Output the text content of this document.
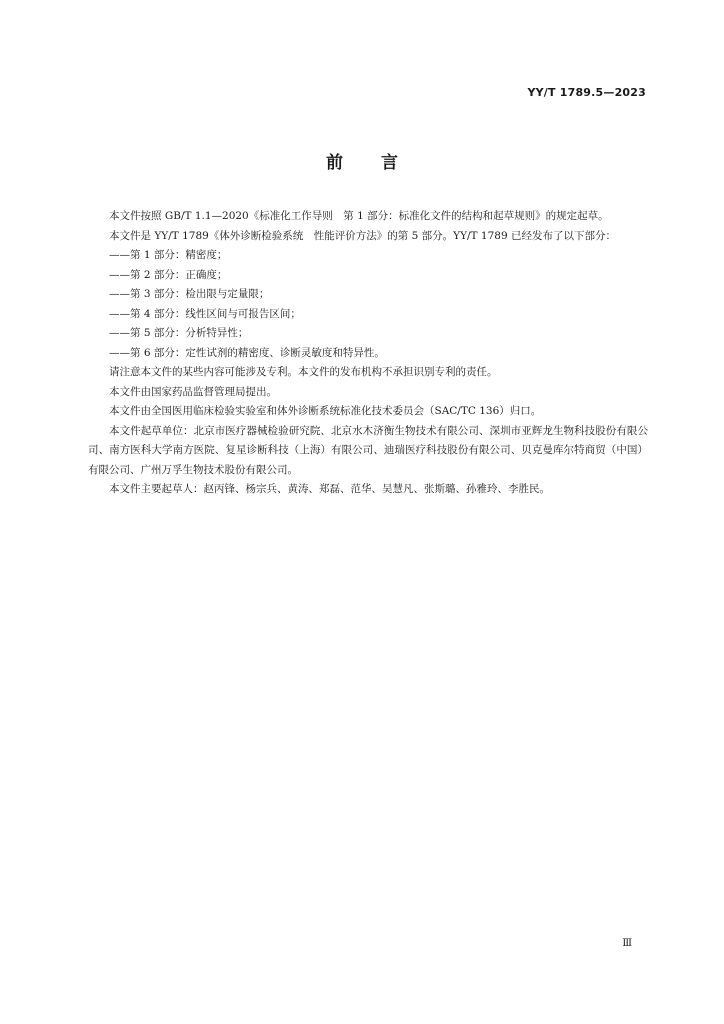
YY/T 1789.5—2023
前言

本文件按照 GB/T 1.1—2020《标准化工作导则　第 1 部分：标准化文件的结构和起草规则》的规定起草。

本文件是 YY/T 1789《体外诊断检验系统　性能评价方法》的第 5 部分。YY/T 1789 已经发布了以下部分：

——第 1 部分：精密度；

——第 2 部分：正确度；

——第 3 部分：检出限与定量限；

——第 4 部分：线性区间与可报告区间；

——第 5 部分：分析特异性；

——第 6 部分：定性试剂的精密度、诊断灵敏度和特异性。

请注意本文件的某些内容可能涉及专利。本文件的发布机构不承担识别专利的责任。

本文件由国家药品监督管理局提出。

本文件由全国医用临床检验实验室和体外诊断系统标准化技术委员会（SAC/TC 136）归口。

本文件起草单位：北京市医疗器械检验研究院、北京水木济衡生物技术有限公司、深圳市亚辉龙生物科技股份有限公司、南方医科大学南方医院、复星诊断科技（上海）有限公司、迪瑞医疗科技股份有限公司、贝克曼库尔特商贸（中国）有限公司、广州万孚生物技术股份有限公司。

本文件主要起草人：赵丙锋、杨宗兵、黄涛、郑磊、范华、吴慧凡、张斯璐、孙雅玲、李胜民。

Ⅲ
